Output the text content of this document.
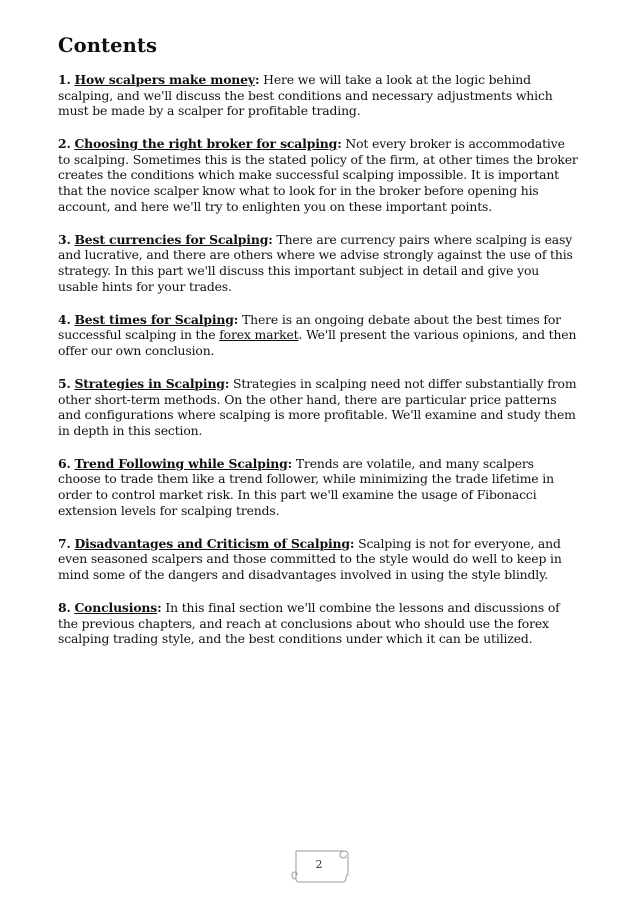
Contents

1. How scalpers make money: Here we will take a look at the logic behind scalping, and we'll discuss the best conditions and necessary adjustments which must be made by a scalper for profitable trading.

2. Choosing the right broker for scalping: Not every broker is accommodative to scalping. Sometimes this is the stated policy of the firm, at other times the broker creates the conditions which make successful scalping impossible. It is important that the novice scalper know what to look for in the broker before opening his account, and here we'll try to enlighten you on these important points.

3. Best currencies for Scalping: There are currency pairs where scalping is easy and lucrative, and there are others where we advise strongly against the use of this strategy. In this part we'll discuss this important subject in detail and give you usable hints for your trades.

4. Best times for Scalping: There is an ongoing debate about the best times for successful scalping in the forex market. We'll present the various opinions, and then offer our own conclusion.

5. Strategies in Scalping: Strategies in scalping need not differ substantially from other short-term methods. On the other hand, there are particular price patterns and configurations where scalping is more profitable. We'll examine and study them in depth in this section.

6. Trend Following while Scalping: Trends are volatile, and many scalpers choose to trade them like a trend follower, while minimizing the trade lifetime in order to control market risk. In this part we'll examine the usage of Fibonacci extension levels for scalping trends.

7. Disadvantages and Criticism of Scalping: Scalping is not for everyone, and even seasoned scalpers and those committed to the style would do well to keep in mind some of the dangers and disadvantages involved in using the style blindly.

8. Conclusions: In this final section we'll combine the lessons and discussions of the previous chapters, and reach at conclusions about who should use the forex scalping trading style, and the best conditions under which it can be utilized.

2
